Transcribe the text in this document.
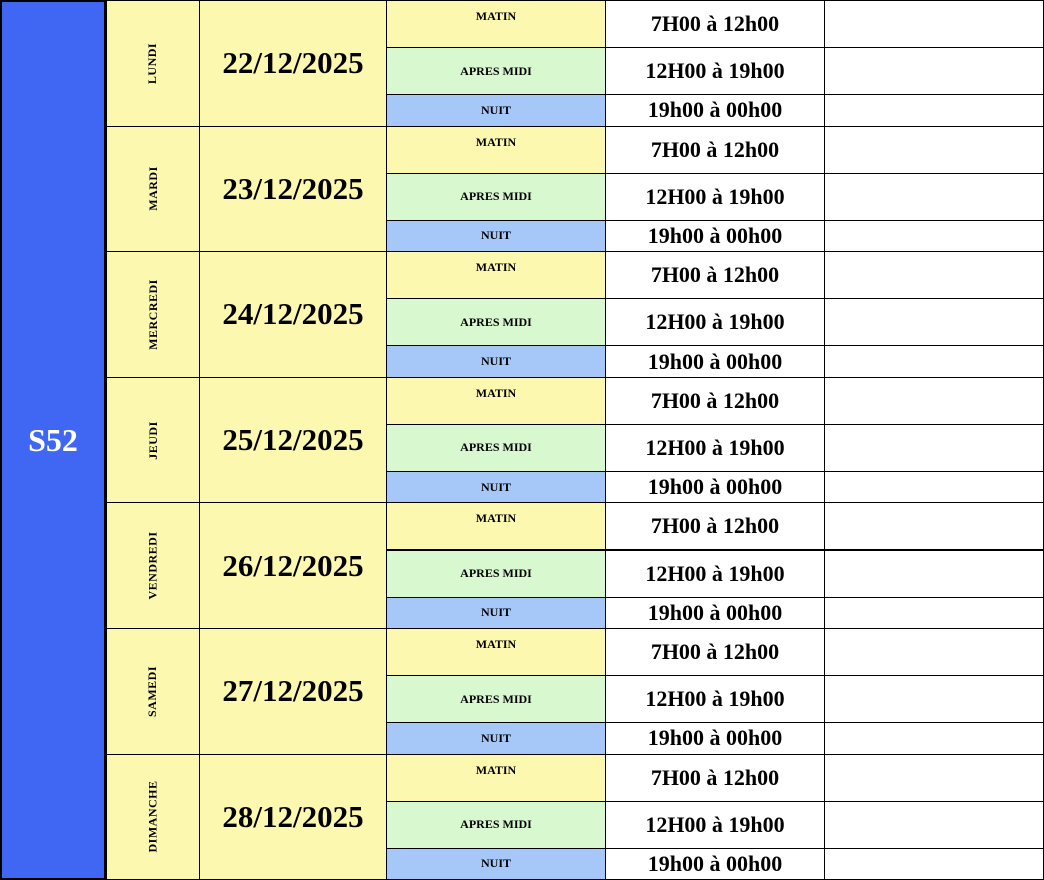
S52
LUNDI	22/12/2025
MATIN	7H00 à 12h00
APRES MIDI	12H00 à 19h00
NUIT	19h00 à 00h00
MARDI	23/12/2025
MATIN	7H00 à 12h00
APRES MIDI	12H00 à 19h00
NUIT	19h00 à 00h00
MERCREDI	24/12/2025
MATIN	7H00 à 12h00
APRES MIDI	12H00 à 19h00
NUIT	19h00 à 00h00
JEUDI	25/12/2025
MATIN	7H00 à 12h00
APRES MIDI	12H00 à 19h00
NUIT	19h00 à 00h00
VENDREDI	26/12/2025
MATIN	7H00 à 12h00
APRES MIDI	12H00 à 19h00
NUIT	19h00 à 00h00
SAMEDI	27/12/2025
MATIN	7H00 à 12h00
APRES MIDI	12H00 à 19h00
NUIT	19h00 à 00h00
DIMANCHE	28/12/2025
MATIN	7H00 à 12h00
APRES MIDI	12H00 à 19h00
NUIT	19h00 à 00h00
